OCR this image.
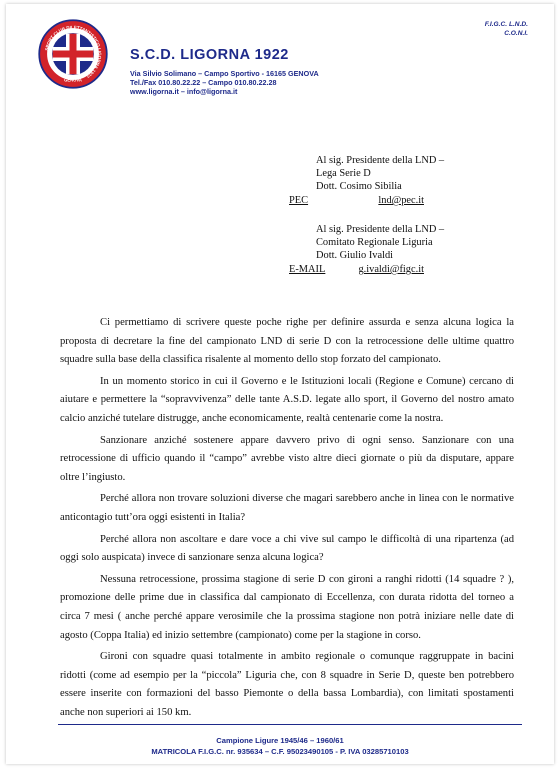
SPORT CLUB DILETTANTISTICO LIGORNA 1922
GENOVA
S.C.D. LIGORNA 1922
Via Silvio Solimano – Campo Sportivo - 16165 GENOVA
Tel./Fax 010.80.22.22 – Campo 010.80.22.28
www.ligorna.it – info@ligorna.it
F.I.G.C. L.N.D.
C.O.N.I.
Al sig. Presidente della LND –
Lega Serie D
Dott. Cosimo Sibilia
PEC	lnd@pec.it
Al sig. Presidente della LND –
Comitato Regionale Liguria
Dott. Giulio Ivaldi
E-MAIL	g.ivaldi@figc.it

Ci permettiamo di scrivere queste poche righe per definire assurda e senza alcuna logica la proposta di decretare la fine del campionato LND di serie D con la retrocessione delle ultime quattro squadre sulla base della classifica risalente al momento dello stop forzato del campionato.

In un momento storico in cui il Governo e le Istituzioni locali (Regione e Comune) cercano di aiutare e permettere la “sopravvivenza” delle tante A.S.D. legate allo sport, il Governo del nostro amato calcio anziché tutelare distrugge, anche economicamente, realtà centenarie come la nostra.

Sanzionare anziché sostenere appare davvero privo di ogni senso. Sanzionare con una retrocessione di ufficio quando il “campo” avrebbe visto altre dieci giornate o più da disputare, appare oltre l’ingiusto.

Perché allora non trovare soluzioni diverse che magari sarebbero anche in linea con le normative anticontagio tutt’ora oggi esistenti in Italia?

Perché allora non ascoltare e dare voce a chi vive sul campo le difficoltà di una ripartenza (ad oggi solo auspicata) invece di sanzionare senza alcuna logica?

Nessuna retrocessione, prossima stagione di serie D con gironi a ranghi ridotti (14 squadre ? ), promozione delle prime due in classifica dal campionato di Eccellenza, con durata ridotta del torneo a circa 7 mesi ( anche perché appare verosimile che la prossima stagione non potrà iniziare nelle date di agosto (Coppa Italia) ed inizio settembre (campionato) come per la stagione in corso.

Gironi con squadre quasi totalmente in ambito regionale o comunque raggruppate in bacini ridotti (come ad esempio per la “piccola” Liguria che, con 8 squadre in Serie D, queste ben potrebbero essere inserite con formazioni del basso Piemonte o della bassa Lombardia), con limitati spostamenti anche non superiori ai 150 km.

Campione Ligure 1945/46 – 1960/61
MATRICOLA F.I.G.C. nr. 935634 – C.F. 95023490105 - P. IVA 03285710103
